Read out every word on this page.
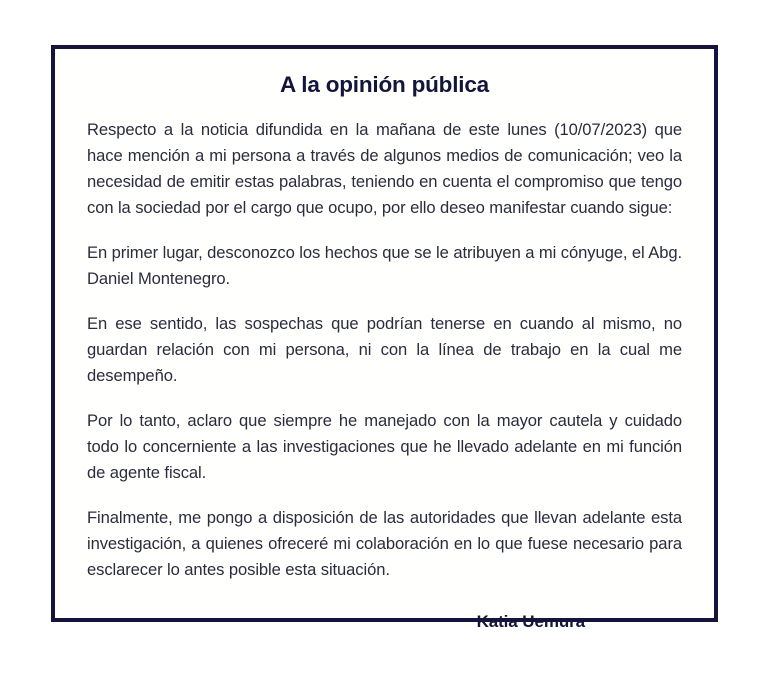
A la opinión pública

Respecto a la noticia difundida en la mañana de este lunes (10/07/2023) que hace mención a mi persona a través de algunos medios de comunicación; veo la necesidad de emitir estas palabras, teniendo en cuenta el compromiso que tengo con la sociedad por el cargo que ocupo, por ello deseo manifestar cuando sigue:

En primer lugar, desconozco los hechos que se le atribuyen a mi cónyuge, el Abg. Daniel Montenegro.

En ese sentido, las sospechas que podrían tenerse en cuando al mismo, no guardan relación con mi persona, ni con la línea de trabajo en la cual me desempeño.

Por lo tanto, aclaro que siempre he manejado con la mayor cautela y cuidado todo lo concerniente a las investigaciones que he llevado adelante en mi función de agente fiscal.

Finalmente, me pongo a disposición de las autoridades que llevan adelante esta investigación, a quienes ofreceré mi colaboración en lo que fuese necesario para esclarecer lo antes posible esta situación.

Katia Uemura
